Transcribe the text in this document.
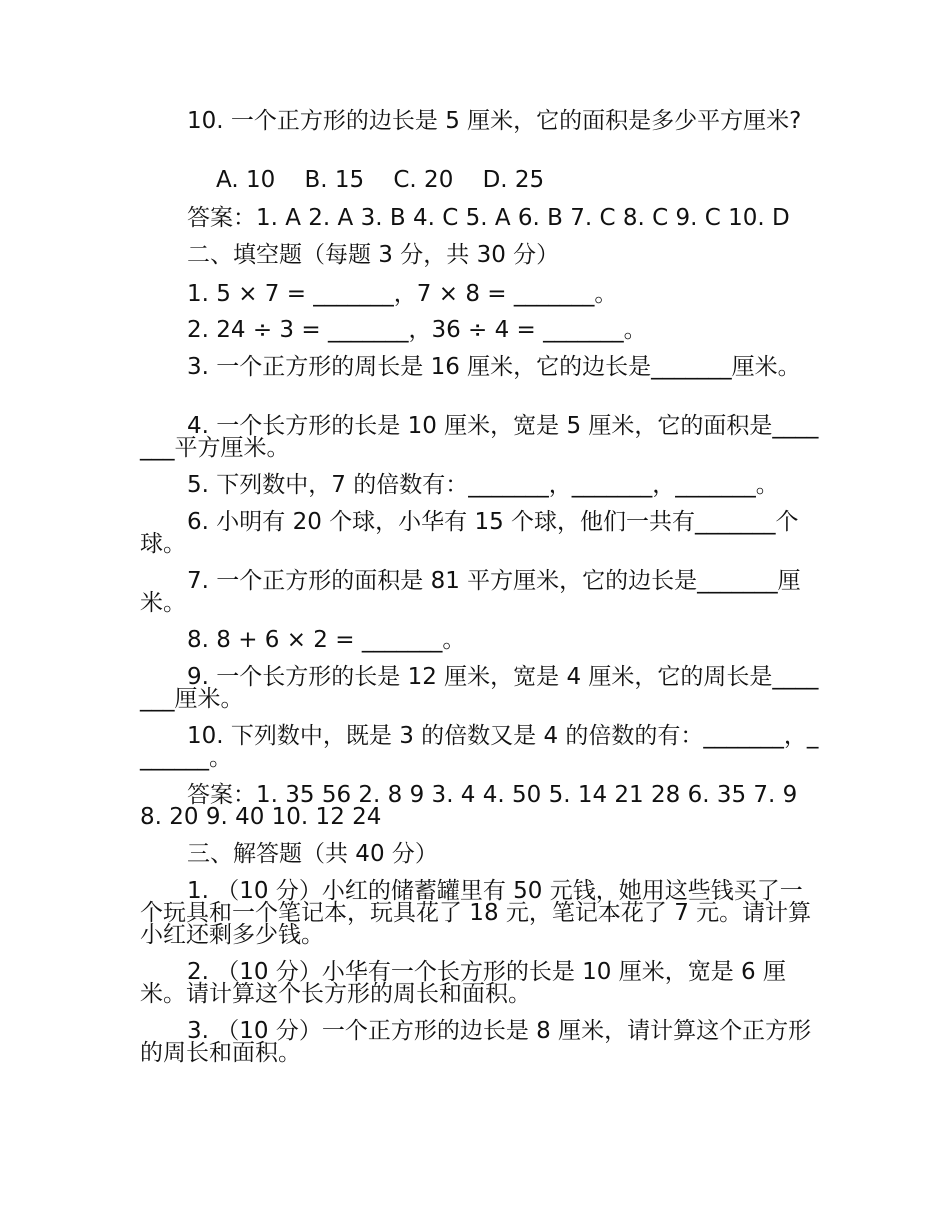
10. 一个正方形的边长是 5 厘米，它的面积是多少平方厘米?
A. 10    B. 15    C. 20    D. 25
答案：1. A 2. A 3. B 4. C 5. A 6. B 7. C 8. C 9. C 10. D
二、填空题（每题 3 分，共 30 分）
1. 5 × 7 = _______，7 × 8 = _______。
2. 24 ÷ 3 = _______，36 ÷ 4 = _______。
3. 一个正方形的周长是 16 厘米，它的边长是_______厘米。
4. 一个长方形的长是 10 厘米，宽是 5 厘米，它的面积是_______平方厘米。
5. 下列数中，7 的倍数有：_______，_______，_______。
6. 小明有 20 个球，小华有 15 个球，他们一共有_______个球。
7. 一个正方形的面积是 81 平方厘米，它的边长是_______厘米。
8. 8 + 6 × 2 = _______。
9. 一个长方形的长是 12 厘米，宽是 4 厘米，它的周长是_______厘米。
10. 下列数中，既是 3 的倍数又是 4 的倍数的有：_______，_______。
答案：1. 35 56 2. 8 9 3. 4 4. 50 5. 14 21 28 6. 35 7. 9 8. 20 9. 40 10. 12 24
三、解答题（共 40 分）
1. （10 分）小红的储蓄罐里有 50 元钱，她用这些钱买了一个玩具和一个笔记本，玩具花了 18 元，笔记本花了 7 元。请计算小红还剩多少钱。
2. （10 分）小华有一个长方形的长是 10 厘米，宽是 6 厘米。请计算这个长方形的周长和面积。
3. （10 分）一个正方形的边长是 8 厘米，请计算这个正方形的周长和面积。
